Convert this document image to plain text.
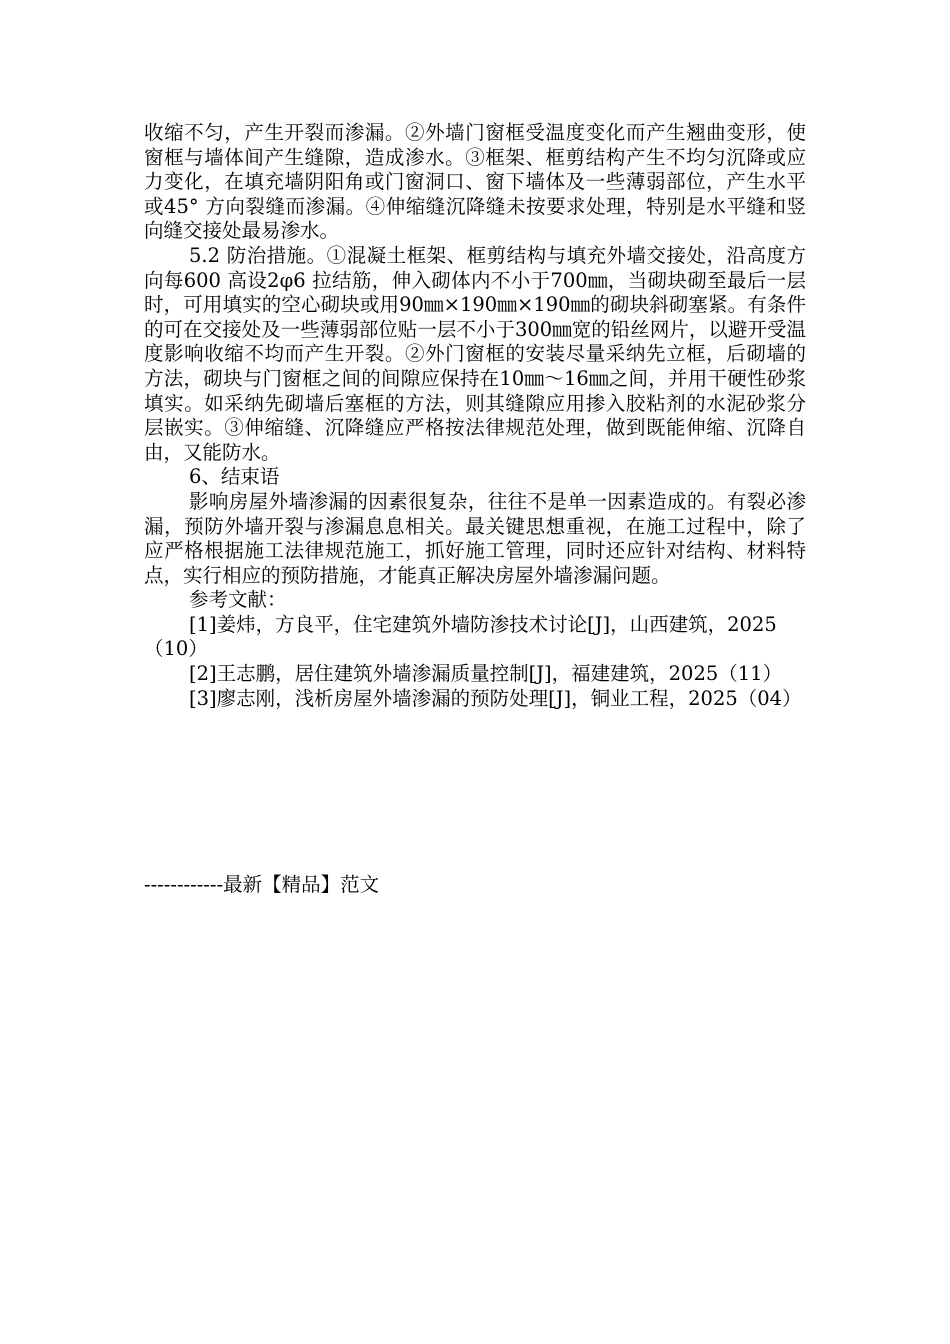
收缩不匀，产生开裂而渗漏。②外墙门窗框受温度变化而产生翘曲变形，使窗框与墙体间产生缝隙，造成渗水。③框架、框剪结构产生不均匀沉降或应力变化，在填充墙阴阳角或门窗洞口、窗下墙体及一些薄弱部位，产生水平或45° 方向裂缝而渗漏。④伸缩缝沉降缝未按要求处理，特别是水平缝和竖向缝交接处最易渗水。

5.2 防治措施。①混凝土框架、框剪结构与填充外墙交接处，沿高度方向每600 高设2φ6 拉结筋，伸入砌体内不小于700㎜，当砌块砌至最后一层时，可用填实的空心砌块或用90㎜×190㎜×190㎜的砌块斜砌塞紧。有条件的可在交接处及一些薄弱部位贴一层不小于300㎜宽的铅丝网片，以避开受温度影响收缩不均而产生开裂。②外门窗框的安装尽量采纳先立框，后砌墙的方法，砌块与门窗框之间的间隙应保持在10㎜～16㎜之间，并用干硬性砂浆填实。如采纳先砌墙后塞框的方法，则其缝隙应用掺入胶粘剂的水泥砂浆分层嵌实。③伸缩缝、沉降缝应严格按法律规范处理，做到既能伸缩、沉降自由，又能防水。

6、结束语

影响房屋外墙渗漏的因素很复杂，往往不是单一因素造成的。有裂必渗漏，预防外墙开裂与渗漏息息相关。最关键思想重视，在施工过程中，除了应严格根据施工法律规范施工，抓好施工管理，同时还应针对结构、材料特点，实行相应的预防措施，才能真正解决房屋外墙渗漏问题。

参考文献：

[1]姜炜，方良平，住宅建筑外墙防渗技术讨论[J]，山西建筑，2025（10）

[2]王志鹏，居住建筑外墙渗漏质量控制[J]，福建建筑，2025（11）

[3]廖志刚，浅析房屋外墙渗漏的预防处理[J]，铜业工程，2025（04）

------------最新【精品】范文
